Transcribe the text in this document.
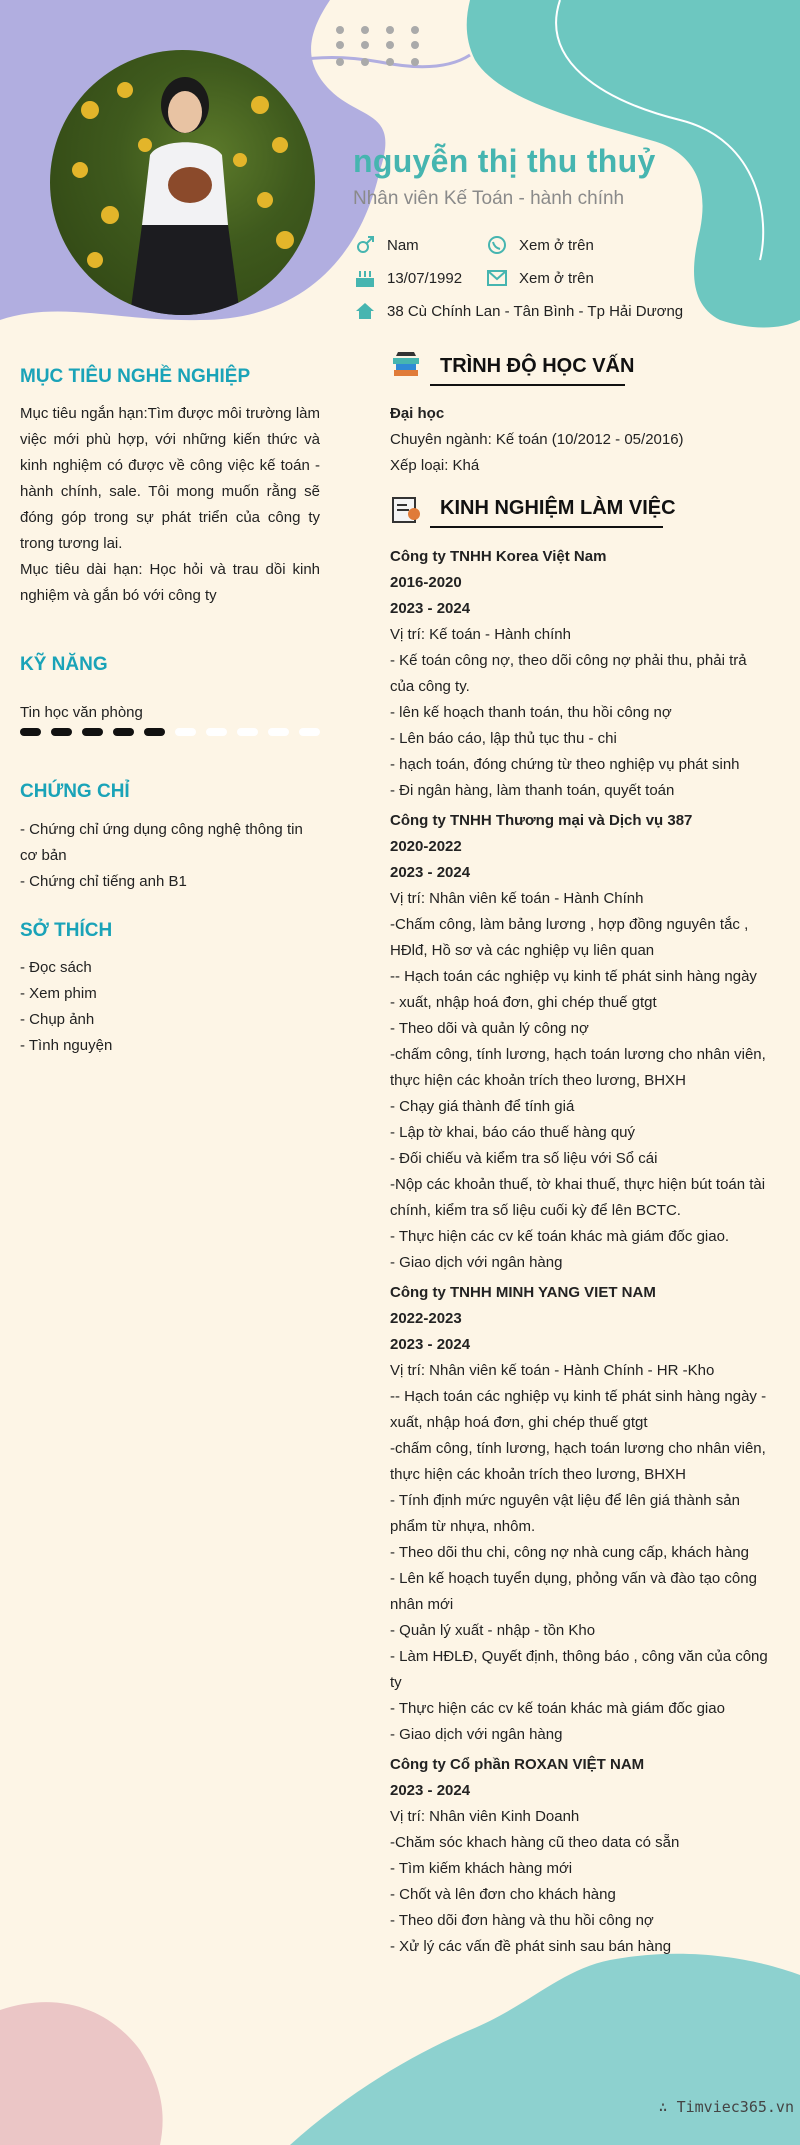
nguyễn thị thu thuỷ
Nhân viên Kế Toán - hành chính
Nam	Xem ở trên
13/07/1992	Xem ở trên
38 Cù Chính Lan - Tân Bình - Tp Hải Dương
MỤC TIÊU NGHỀ NGHIỆP
Mục tiêu ngắn hạn:Tìm được môi trường làm việc mới phù hợp, với những kiến thức và kinh nghiệm có được về công việc kế toán - hành chính, sale. Tôi mong muốn rằng sẽ đóng góp trong sự phát triển của công ty trong tương lai.
Mục tiêu dài hạn: Học hỏi và trau dồi kinh nghiệm và gắn bó với công ty
KỸ NĂNG
Tin học văn phòng
CHỨNG CHỈ
- Chứng chỉ ứng dụng công nghệ thông tin cơ bản
- Chứng chỉ tiếng anh B1
SỞ THÍCH
- Đọc sách
- Xem phim
- Chụp ảnh
- Tình nguyện
TRÌNH ĐỘ HỌC VẤN
Đại học
Chuyên ngành: Kế toán (10/2012 - 05/2016)
Xếp loại: Khá
KINH NGHIỆM LÀM VIỆC
Công ty TNHH Korea Việt Nam
2016-2020
2023 - 2024
Vị trí: Kế toán - Hành chính
- Kế toán công nợ, theo dõi công nợ phải thu, phải trả của công ty.
- lên kế hoạch thanh toán, thu hồi công nợ
- Lên báo cáo, lập thủ tục thu - chi
- hạch toán, đóng chứng từ theo nghiệp vụ phát sinh
- Đi ngân hàng, làm thanh toán, quyết toán
Công ty TNHH Thương mại và Dịch vụ 387
2020-2022
2023 - 2024
Vị trí: Nhân viên kế toán - Hành Chính
-Chấm công, làm bảng lương , hợp đồng nguyên tắc , HĐlđ, Hồ sơ và các nghiệp vụ liên quan
-- Hạch toán các nghiệp vụ kinh tế phát sinh hàng ngày
- xuất, nhập hoá đơn, ghi chép thuế gtgt
- Theo dõi và quản lý công nợ
-chấm công, tính lương, hạch toán lương cho nhân viên, thực hiện các khoản trích theo lương, BHXH
- Chạy giá thành để tính giá
- Lập tờ khai, báo cáo thuế hàng quý
- Đối chiếu và kiểm tra số liệu với Sổ cái
-Nộp các khoản thuế, tờ khai thuế, thực hiện bút toán tài chính, kiểm tra số liệu cuối kỳ để lên BCTC.
- Thực hiện các cv kế toán khác mà giám đốc giao.
- Giao dịch với ngân hàng
Công ty TNHH MINH YANG VIET NAM
2022-2023
2023 - 2024
Vị trí: Nhân viên kế toán - Hành Chính - HR -Kho
-- Hạch toán các nghiệp vụ kinh tế phát sinh hàng ngày - xuất, nhập hoá đơn, ghi chép thuế gtgt
-chấm công, tính lương, hạch toán lương cho nhân viên, thực hiện các khoản trích theo lương, BHXH
- Tính định mức nguyên vật liệu để lên giá thành sản phẩm từ nhựa, nhôm.
- Theo dõi thu chi, công nợ nhà cung cấp, khách hàng
- Lên kế hoạch tuyển dụng, phỏng vấn và đào tạo công nhân mới
- Quản lý xuất - nhập - tồn Kho
- Làm HĐLĐ, Quyết định, thông báo , công văn của công ty
- Thực hiện các cv kế toán khác mà giám đốc giao
- Giao dịch với ngân hàng
Công ty Cổ phần ROXAN VIỆT NAM
2023 - 2024
Vị trí: Nhân viên Kinh Doanh
-Chăm sóc khach hàng cũ theo data có sẵn
- Tìm kiếm khách hàng mới
- Chốt và lên đơn cho khách hàng
- Theo dõi đơn hàng và thu hồi công nợ
- Xử lý các vấn đề phát sinh sau bán hàng
∴ Timviec365.vn
